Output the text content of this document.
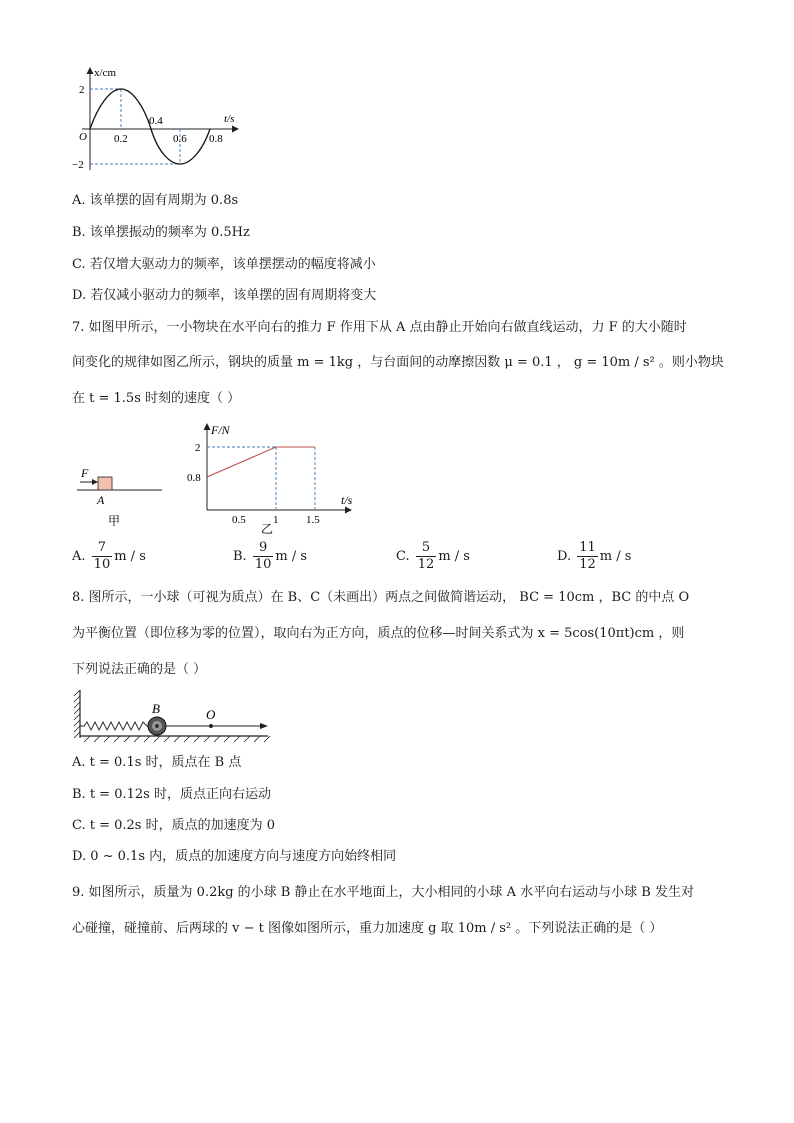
x/cm
t/s
O
2
−2
0.2
0.4
0.6 0.8
A. 该单摆的固有周期为 0.8s
B. 该单摆振动的频率为 0.5Hz
C. 若仅增大驱动力的频率，该单摆摆动的幅度将减小
D. 若仅减小驱动力的频率，该单摆的固有周期将变大
7. 如图甲所示，一小物块在水平向右的推力 F 作用下从 A 点由静止开始向右做直线运动，力 F 的大小随时
间变化的规律如图乙所示，钢块的质量 m = 1kg ，与台面间的动摩擦因数 μ = 0.1 ， g = 10m / s² 。则小物块
在 t = 1.5s 时刻的速度（ ）
F
A
甲
F/N
t/s
2
0.8
0.5 1	1.5
乙
A. $\frac{7}{10}$ m / s	B. $\frac{9}{10}$ m / s	C. $\frac{5}{12}$ m / s	D. $\frac{11}{12}$ m / s
8. 图所示，一小球（可视为质点）在 B、C（未画出）两点之间做简谐运动， BC = 10cm ，BC 的中点 O
为平衡位置（即位移为零的位置），取向右为正方向，质点的位移—时间关系式为 x = 5cos(10πt)cm ，则
下列说法正确的是（ ）
B	O
A. t = 0.1s 时，质点在 B 点
B. t = 0.12s 时，质点正向右运动
C. t = 0.2s 时，质点的加速度为 0
D. 0 ~ 0.1s 内，质点的加速度方向与速度方向始终相同
9. 如图所示，质量为 0.2kg 的小球 B 静止在水平地面上，大小相同的小球 A 水平向右运动与小球 B 发生对
心碰撞，碰撞前、后两球的 v − t 图像如图所示，重力加速度 g 取 10m / s² 。下列说法正确的是（ ）
